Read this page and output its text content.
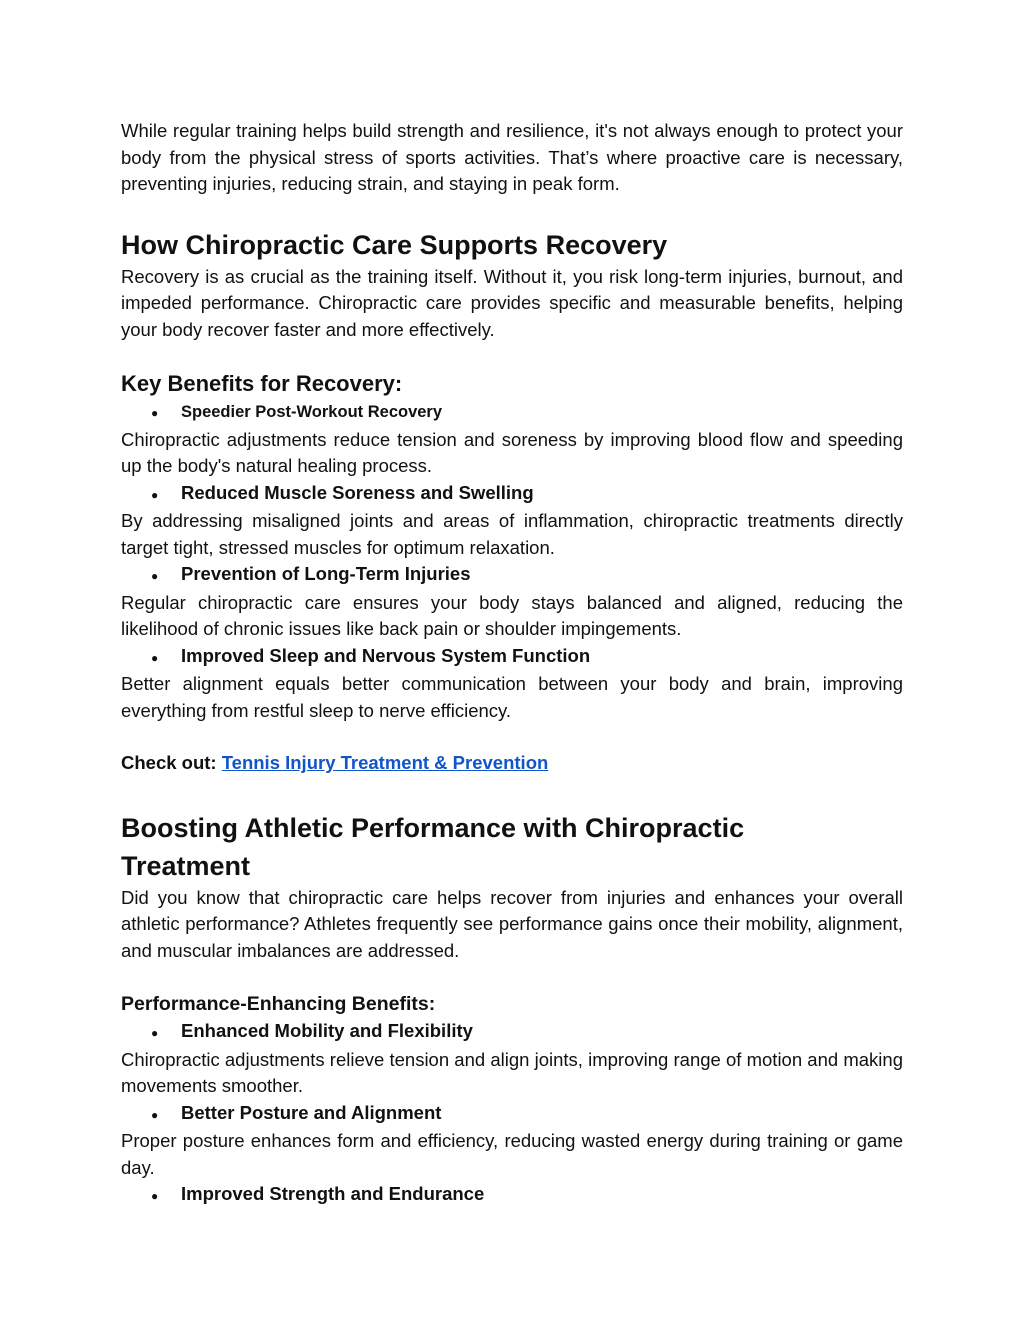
While regular training helps build strength and resilience, it's not always enough to protect your body from the physical stress of sports activities. That’s where proactive care is necessary, preventing injuries, reducing strain, and staying in peak form.

How Chiropractic Care Supports Recovery

Recovery is as crucial as the training itself. Without it, you risk long-term injuries, burnout, and impeded performance. Chiropractic care provides specific and measurable benefits, helping your body recover faster and more effectively.

Key Benefits for Recovery:
●	Speedier Post-Workout Recovery

Chiropractic adjustments reduce tension and soreness by improving blood flow and speeding up the body's natural healing process.

●	Reduced Muscle Soreness and Swelling

By addressing misaligned joints and areas of inflammation, chiropractic treatments directly target tight, stressed muscles for optimum relaxation.

●	Prevention of Long-Term Injuries

Regular chiropractic care ensures your body stays balanced and aligned, reducing the likelihood of chronic issues like back pain or shoulder impingements.

●	Improved Sleep and Nervous System Function

Better alignment equals better communication between your body and brain, improving everything from restful sleep to nerve efficiency.

Check out: Tennis Injury Treatment & Prevention
Boosting Athletic Performance with Chiropractic
Treatment

Did you know that chiropractic care helps recover from injuries and enhances your overall athletic performance? Athletes frequently see performance gains once their mobility, alignment, and muscular imbalances are addressed.

Performance-Enhancing Benefits:
●	Enhanced Mobility and Flexibility

Chiropractic adjustments relieve tension and align joints, improving range of motion and making movements smoother.

●	Better Posture and Alignment

Proper posture enhances form and efficiency, reducing wasted energy during training or game day.

●	Improved Strength and Endurance
